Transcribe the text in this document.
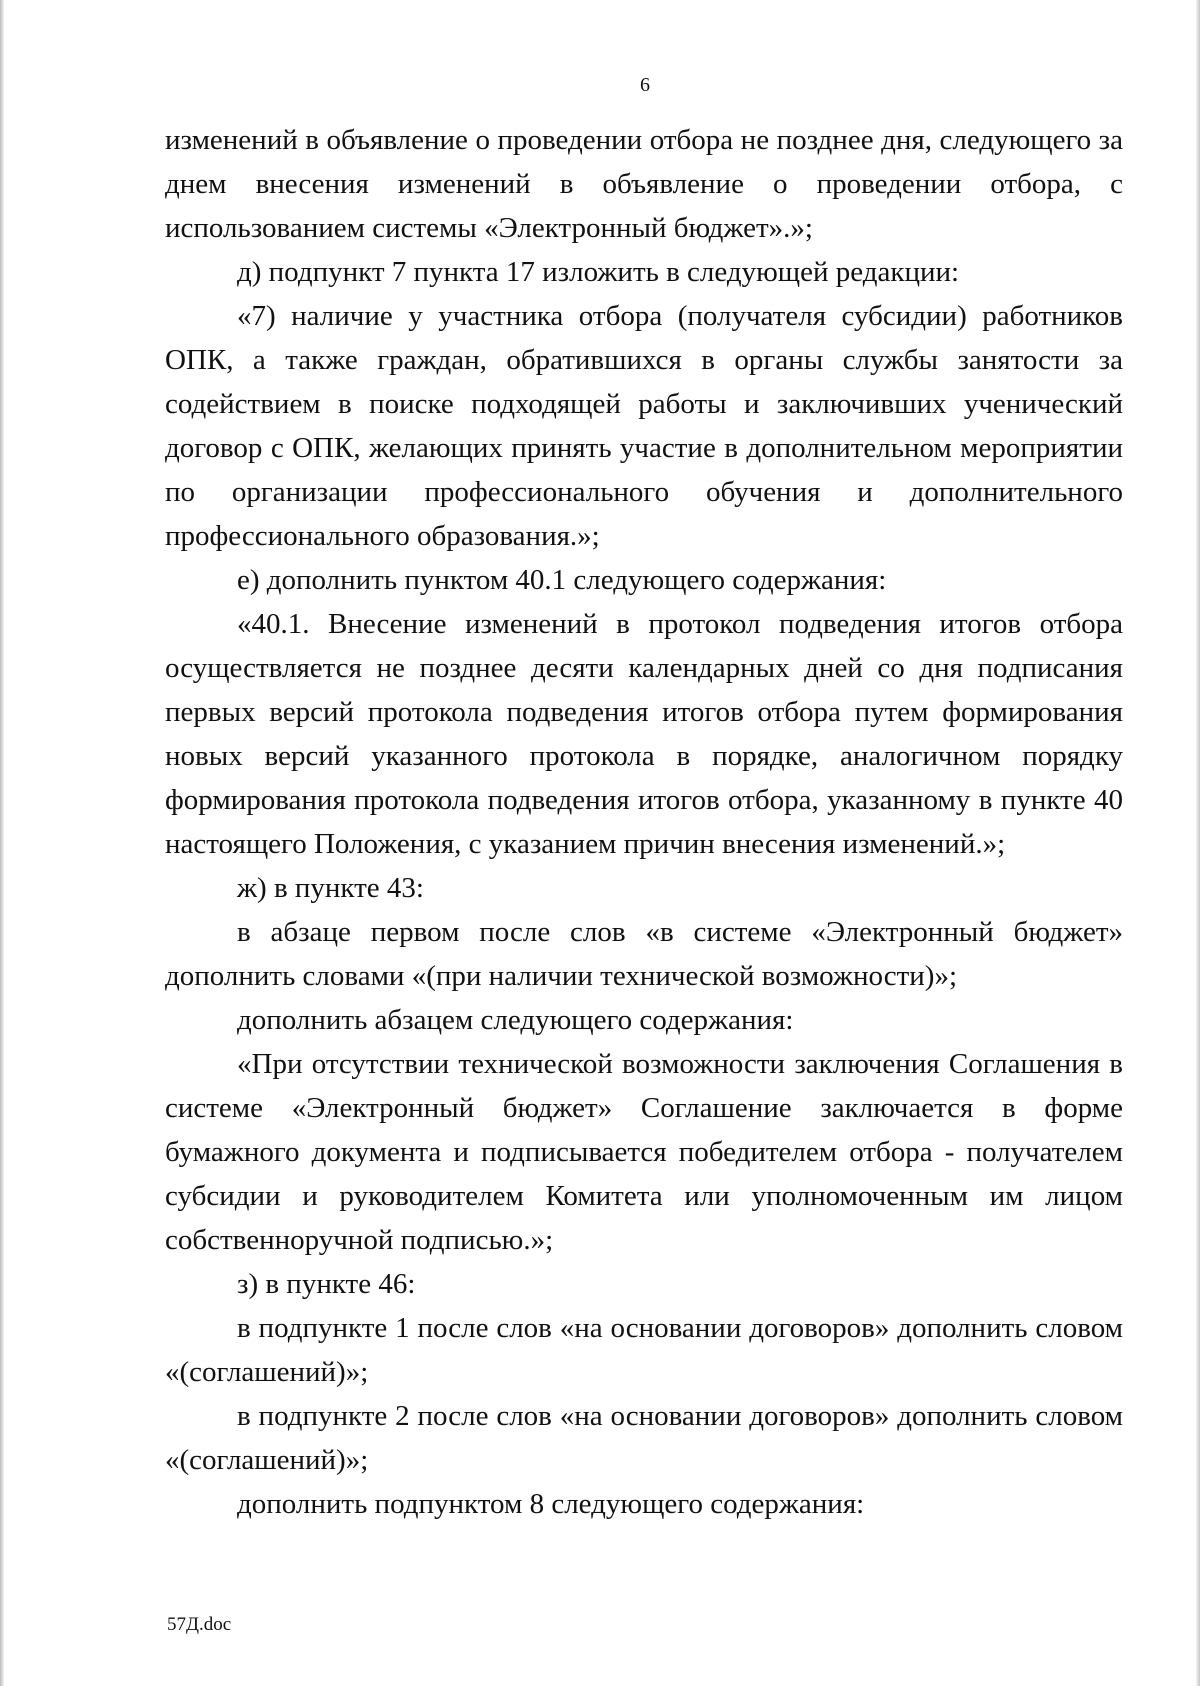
6

изменений в объявление о проведении отбора не позднее дня, следующего за днем внесения изменений в объявление о проведении отбора, с использованием системы «Электронный бюджет».»;

д) подпункт 7 пункта 17 изложить в следующей редакции:

«7) наличие у участника отбора (получателя субсидии) работников ОПК, а также граждан, обратившихся в органы службы занятости за содействием в поиске подходящей работы и заключивших ученический договор с ОПК, желающих принять участие в дополнительном мероприятии по организации профессионального обучения и дополнительного профессионального образования.»;

е) дополнить пунктом 40.1 следующего содержания:

«40.1. Внесение изменений в протокол подведения итогов отбора осуществляется не позднее десяти календарных дней со дня подписания первых версий протокола подведения итогов отбора путем формирования новых версий указанного протокола в порядке, аналогичном порядку формирования протокола подведения итогов отбора, указанному в пункте 40 настоящего Положения, с указанием причин внесения изменений.»;

ж) в пункте 43:

в абзаце первом после слов «в системе «Электронный бюджет» дополнить словами «(при наличии технической возможности)»;

дополнить абзацем следующего содержания:

«При отсутствии технической возможности заключения Соглашения в системе «Электронный бюджет» Соглашение заключается в форме бумажного документа и подписывается победителем отбора - получателем субсидии и руководителем Комитета или уполномоченным им лицом собственноручной подписью.»;

з) в пункте 46:

в подпункте 1 после слов «на основании договоров» дополнить словом «(соглашений)»;

в подпункте 2 после слов «на основании договоров» дополнить словом «(соглашений)»;

дополнить подпунктом 8 следующего содержания:

57Д.doc
